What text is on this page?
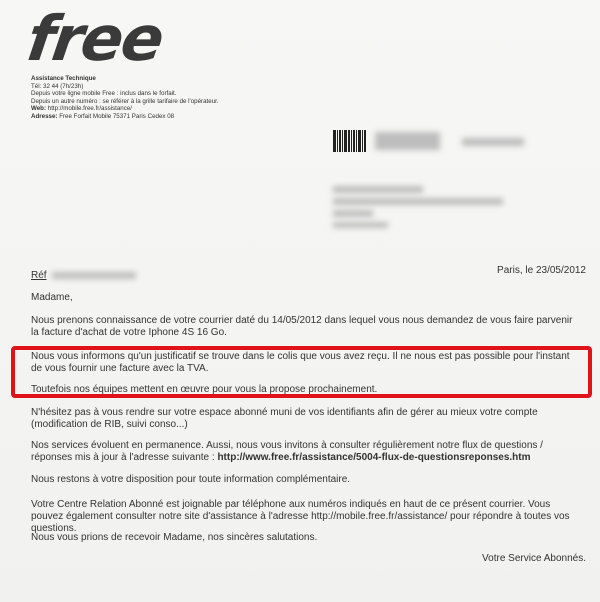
free
Assistance Technique
Tél: 32 44 (7h/23h)
Depuis votre ligne mobile Free : inclus dans le forfait.
Depuis un autre numéro : se référer à la grille tarifaire de l'opérateur.
Web: http://mobile.free.fr/assistance/
Adresse: Free Forfait Mobile 75371 Paris Cedex 08
Paris, le 23/05/2012
Réf

Madame,

Nous prenons connaissance de votre courrier daté du 14/05/2012 dans lequel vous nous demandez de vous faire parvenir la facture d'achat de votre Iphone 4S 16 Go.

Nous vous informons qu'un justificatif se trouve dans le colis que vous avez reçu. Il ne nous est pas possible pour l'instant de vous fournir une facture avec la TVA.

Toutefois nos équipes mettent en œuvre pour vous la propose prochainement.

N'hésitez pas à vous rendre sur votre espace abonné muni de vos identifiants afin de gérer au mieux votre compte (modification de RIB, suivi conso...)

Nos services évoluent en permanence. Aussi, nous vous invitons à consulter régulièrement notre flux de questions / réponses mis à jour à l'adresse suivante : http://www.free.fr/assistance/5004-flux-de-questionsreponses.htm

Nous restons à votre disposition pour toute information complémentaire.

Votre Centre Relation Abonné est joignable par téléphone aux numéros indiqués en haut de ce présent courrier. Vous pouvez également consulter notre site d'assistance à l'adresse http://mobile.free.fr/assistance/ pour répondre à toutes vos questions.

Nous vous prions de recevoir Madame, nos sincères salutations.

Votre Service Abonnés.
